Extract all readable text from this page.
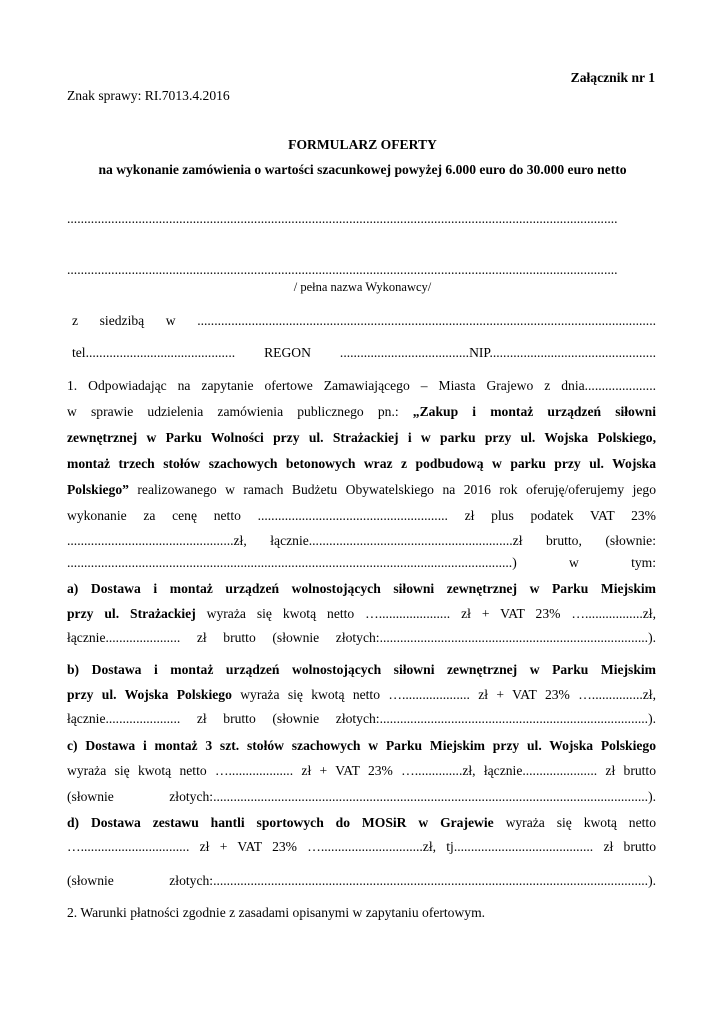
Załącznik nr 1
Znak sprawy: RI.7013.4.2016
FORMULARZ OFERTY
na wykonanie zamówienia o wartości szacunkowej powyżej 6.000 euro do 30.000 euro netto
..................................................................................................................................................................
..................................................................................................................................................................
/ pełna nazwa Wykonawcy/
z siedzibą w .......................................................................................................................................
tel............................................ REGON ......................................NIP.................................................
1. Odpowiadając na zapytanie ofertowe Zamawiającego – Miasta Grajewo z dnia.....................
w sprawie udzielenia zamówienia publicznego pn.: „Zakup i montaż urządzeń siłowni
zewnętrznej w Parku Wolności przy ul. Strażackiej i w parku przy ul. Wojska Polskiego,
montaż trzech stołów szachowych betonowych wraz z podbudową w parku przy ul. Wojska
Polskiego” realizowanego w ramach Budżetu Obywatelskiego na 2016 rok oferuję/oferujemy jego
wykonanie za cenę netto ........................................................ zł plus podatek VAT 23%
.................................................zł, łącznie............................................................zł brutto, (słownie:
...................................................................................................................................) w tym:
a) Dostawa i montaż urządzeń wolnostojących siłowni zewnętrznej w Parku Miejskim
przy ul. Strażackiej wyraża się kwotą netto …..................... zł + VAT 23% ….................zł,
łącznie...................... zł brutto (słownie złotych:...............................................................................).
b) Dostawa i montaż urządzeń wolnostojących siłowni zewnętrznej w Parku Miejskim
przy ul. Wojska Polskiego wyraża się kwotą netto ….................... zł + VAT 23% …...............zł,
łącznie...................... zł brutto (słownie złotych:...............................................................................).
c) Dostawa i montaż 3 szt. stołów szachowych w Parku Miejskim przy ul. Wojska Polskiego
wyraża się kwotą netto …................... zł + VAT 23% …..............zł, łącznie...................... zł brutto
(słownie złotych:................................................................................................................................).
d) Dostawa zestawu hantli sportowych do MOSiR w Grajewie wyraża się kwotą netto
…................................ zł + VAT 23% …..............................zł, tj......................................... zł brutto
(słownie złotych:................................................................................................................................).
2. Warunki płatności zgodnie z zasadami opisanymi w zapytaniu ofertowym.
